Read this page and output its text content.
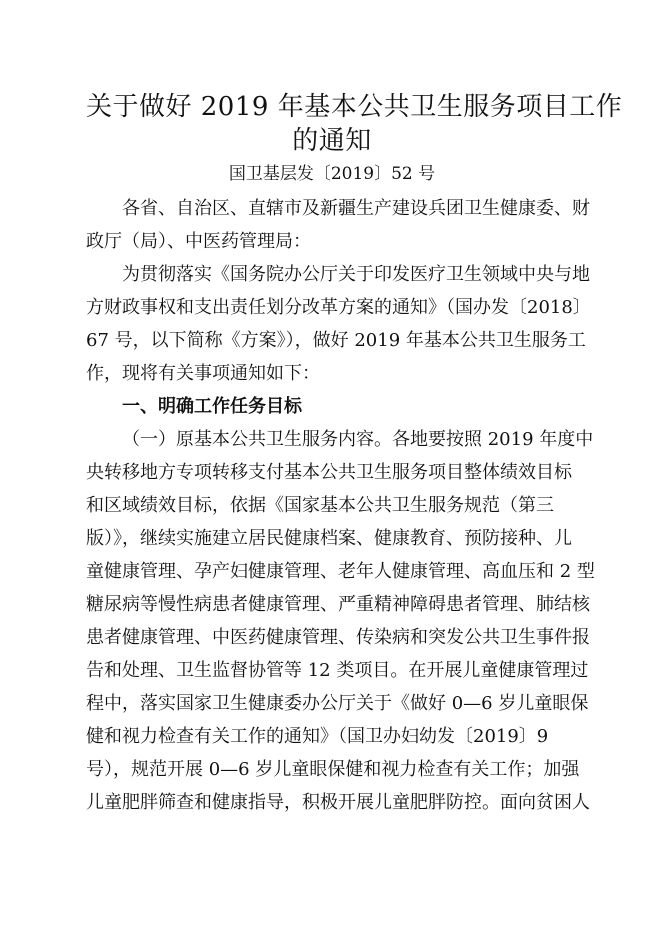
关于做好 2019 年基本公共卫生服务项目工作
的通知
国卫基层发〔2019〕52 号
各省、自治区、直辖市及新疆生产建设兵团卫生健康委、财
政厅（局）、中医药管理局：
为贯彻落实《国务院办公厅关于印发医疗卫生领域中央与地
方财政事权和支出责任划分改革方案的通知》（国办发〔2018〕
67 号，以下简称《方案》），做好 2019 年基本公共卫生服务工
作，现将有关事项通知如下：
一、明确工作任务目标
（一）原基本公共卫生服务内容。各地要按照 2019 年度中
央转移地方专项转移支付基本公共卫生服务项目整体绩效目标
和区域绩效目标，依据《国家基本公共卫生服务规范（第三
版）》，继续实施建立居民健康档案、健康教育、预防接种、儿
童健康管理、孕产妇健康管理、老年人健康管理、高血压和 2 型
糖尿病等慢性病患者健康管理、严重精神障碍患者管理、肺结核
患者健康管理、中医药健康管理、传染病和突发公共卫生事件报
告和处理、卫生监督协管等 12 类项目。在开展儿童健康管理过
程中，落实国家卫生健康委办公厅关于《做好 0—6 岁儿童眼保
健和视力检查有关工作的通知》（国卫办妇幼发〔2019〕9
号），规范开展 0—6 岁儿童眼保健和视力检查有关工作；加强
儿童肥胖筛查和健康指导，积极开展儿童肥胖防控。面向贫困人
